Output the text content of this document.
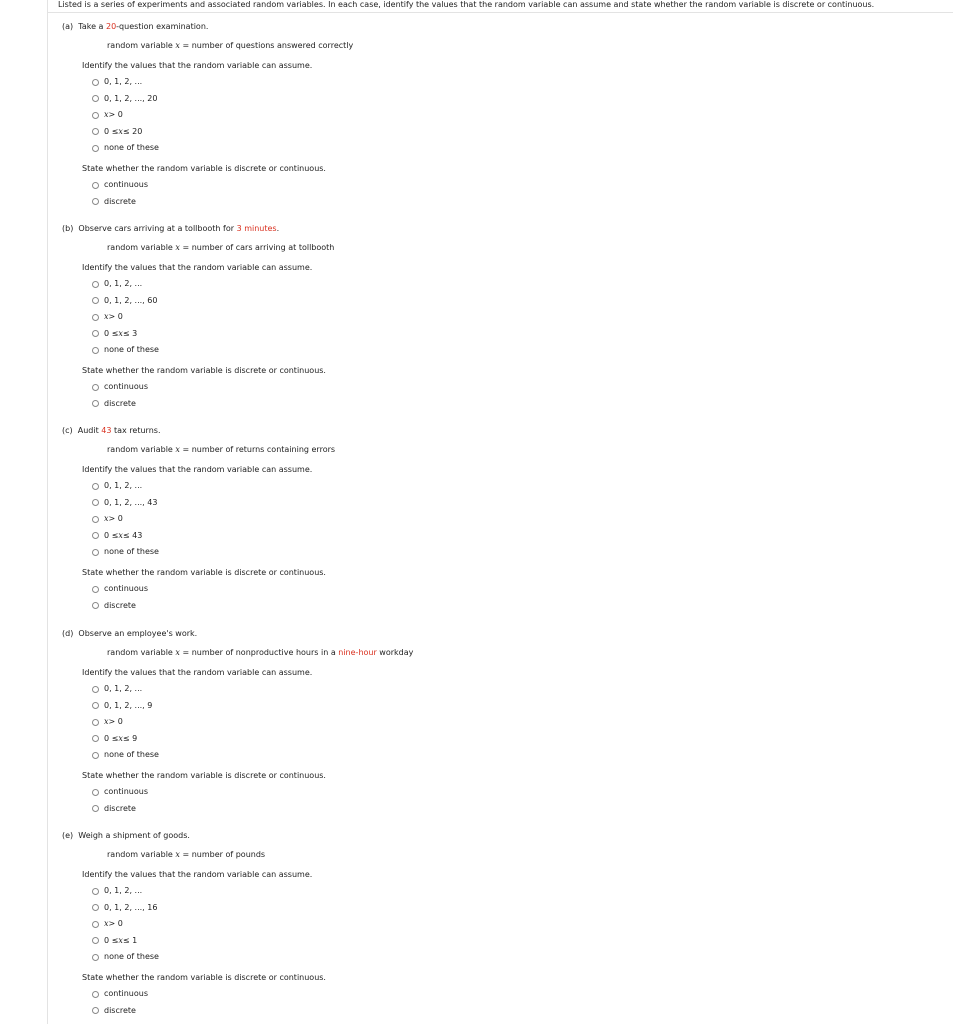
Listed is a series of experiments and associated random variables. In each case, identify the values that the random variable can assume and state whether the random variable is discrete or continuous.
(a) Take a 20-question examination.
random variable x = number of questions answered correctly
Identify the values that the random variable can assume.
0, 1, 2, ...
0, 1, 2, ..., 20
x > 0
0 ≤ x ≤ 20
none of these
State whether the random variable is discrete or continuous.
continuous
discrete
(b) Observe cars arriving at a tollbooth for 3 minutes.
random variable x = number of cars arriving at tollbooth
Identify the values that the random variable can assume.
0, 1, 2, ...
0, 1, 2, ..., 60
x > 0
0 ≤ x ≤ 3
none of these
State whether the random variable is discrete or continuous.
continuous
discrete
(c) Audit 43 tax returns.
random variable x = number of returns containing errors
Identify the values that the random variable can assume.
0, 1, 2, ...
0, 1, 2, ..., 43
x > 0
0 ≤ x ≤ 43
none of these
State whether the random variable is discrete or continuous.
continuous
discrete
(d) Observe an employee's work.
random variable x = number of nonproductive hours in a nine-hour workday
Identify the values that the random variable can assume.
0, 1, 2, ...
0, 1, 2, ..., 9
x > 0
0 ≤ x ≤ 9
none of these
State whether the random variable is discrete or continuous.
continuous
discrete
(e) Weigh a shipment of goods.
random variable x = number of pounds
Identify the values that the random variable can assume.
0, 1, 2, ...
0, 1, 2, ..., 16
x > 0
0 ≤ x ≤ 1
none of these
State whether the random variable is discrete or continuous.
continuous
discrete
